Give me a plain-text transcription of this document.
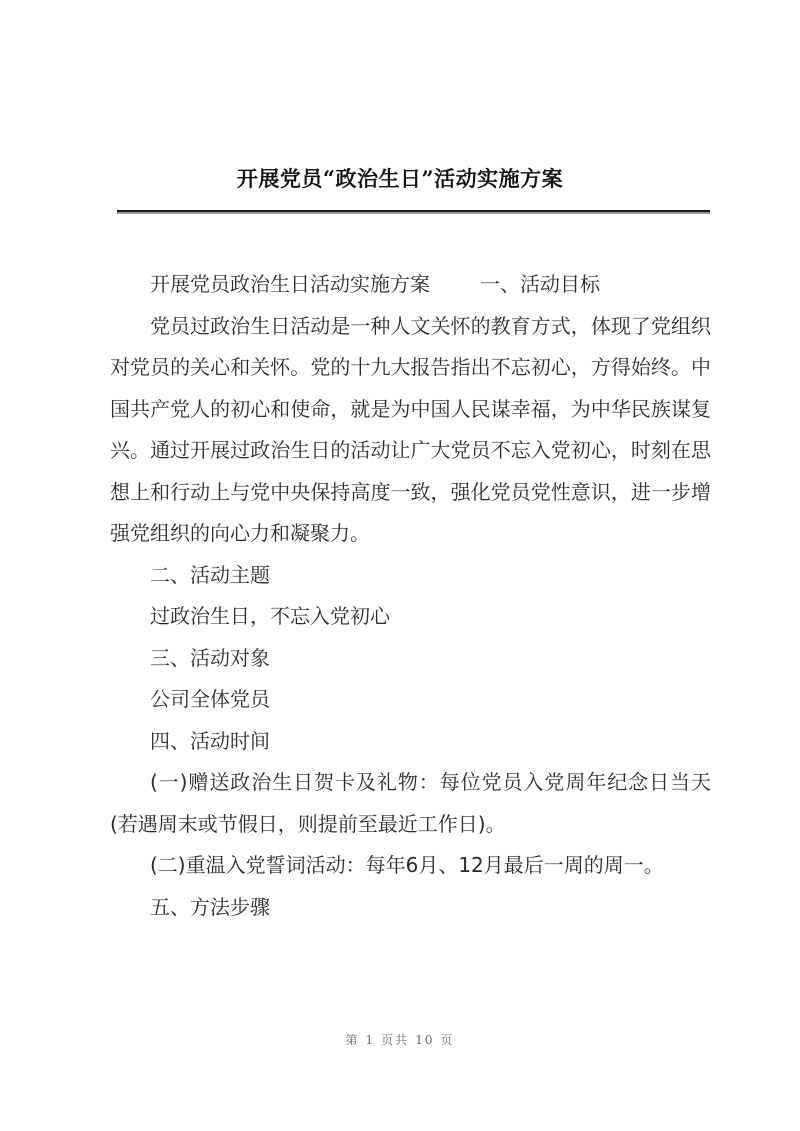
开展党员“政治生日”活动实施方案

开展党员政治生日活动实施方案	一、活动目标

党员过政治生日活动是一种人文关怀的教育方式，体现了党组织对党员的关心和关怀。党的十九大报告指出不忘初心，方得始终。中国共产党人的初心和使命，就是为中国人民谋幸福，为中华民族谋复兴。通过开展过政治生日的活动让广大党员不忘入党初心，时刻在思想上和行动上与党中央保持高度一致，强化党员党性意识，进一步增强党组织的向心力和凝聚力。

二、活动主题

过政治生日，不忘入党初心

三、活动对象

公司全体党员

四、活动时间

(一)赠送政治生日贺卡及礼物：每位党员入党周年纪念日当天(若遇周末或节假日，则提前至最近工作日)。

(二)重温入党誓词活动：每年6月、12月最后一周的周一。

五、方法步骤

第 1 页共 10 页
